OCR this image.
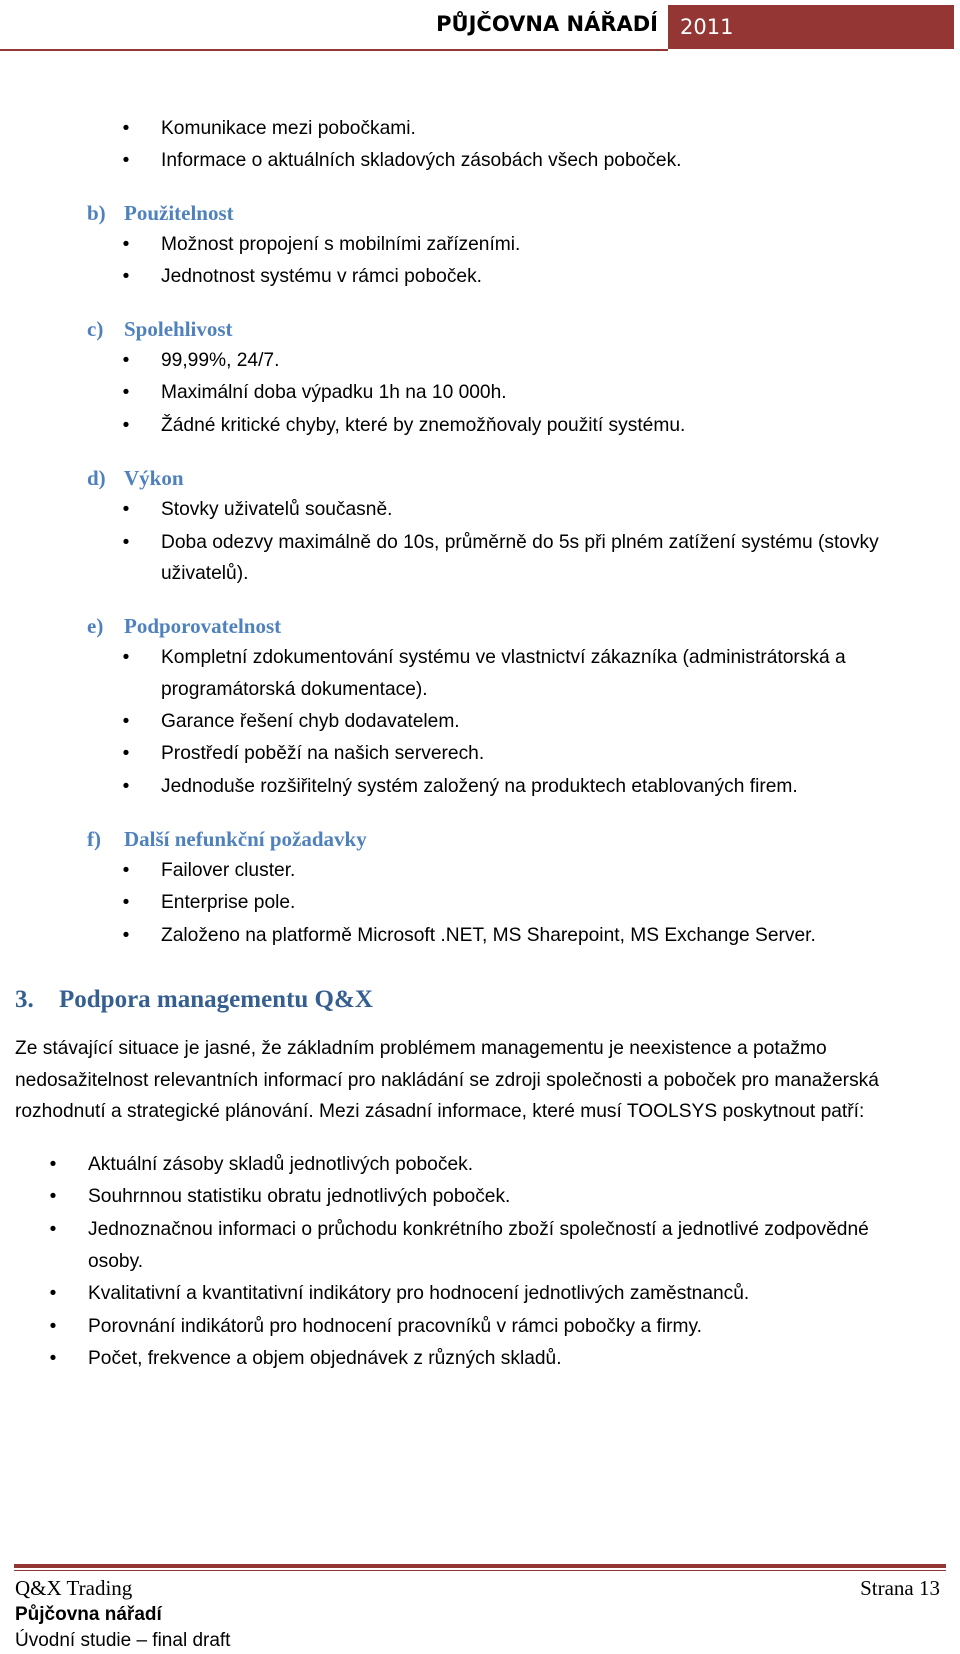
PŮJČOVNA NÁŘADÍ	2011
• Komunikace mezi pobočkami.
• Informace o aktuálních skladových zásobách všech poboček.
b) Použitelnost
• Možnost propojení s mobilními zařízeními.
• Jednotnost systému v rámci poboček.
c) Spolehlivost
• 99,99%, 24/7.
• Maximální doba výpadku 1h na 10 000h.
• Žádné kritické chyby, které by znemožňovaly použití systému.
d) Výkon
• Stovky uživatelů současně.
• Doba odezvy maximálně do 10s, průměrně do 5s při plném zatížení systému (stovky
uživatelů).
e) Podporovatelnost
• Kompletní zdokumentování systému ve vlastnictví zákazníka (administrátorská a
programátorská dokumentace).
• Garance řešení chyb dodavatelem.
• Prostředí poběží na našich serverech.
• Jednoduše rozšiřitelný systém založený na produktech etablovaných firem.
f) Další nefunkční požadavky
• Failover cluster.
• Enterprise pole.
• Založeno na platformě Microsoft .NET, MS Sharepoint, MS Exchange Server.
3. Podpora managementu Q&X
Ze stávající situace je jasné, že základním problémem managementu je neexistence a potažmo
nedosažitelnost relevantních informací pro nakládání se zdroji společnosti a poboček pro manažerská
rozhodnutí a strategické plánování. Mezi zásadní informace, které musí TOOLSYS poskytnout patří:
• Aktuální zásoby skladů jednotlivých poboček.
• Souhrnnou statistiku obratu jednotlivých poboček.
• Jednoznačnou informaci o průchodu konkrétního zboží společností a jednotlivé zodpovědné
osoby.
• Kvalitativní a kvantitativní indikátory pro hodnocení jednotlivých zaměstnanců.
• Porovnání indikátorů pro hodnocení pracovníků v rámci pobočky a firmy.
• Počet, frekvence a objem objednávek z různých skladů.
Q&X Trading
Půjčovna nářadí
Úvodní studie – final draft
Strana 13
